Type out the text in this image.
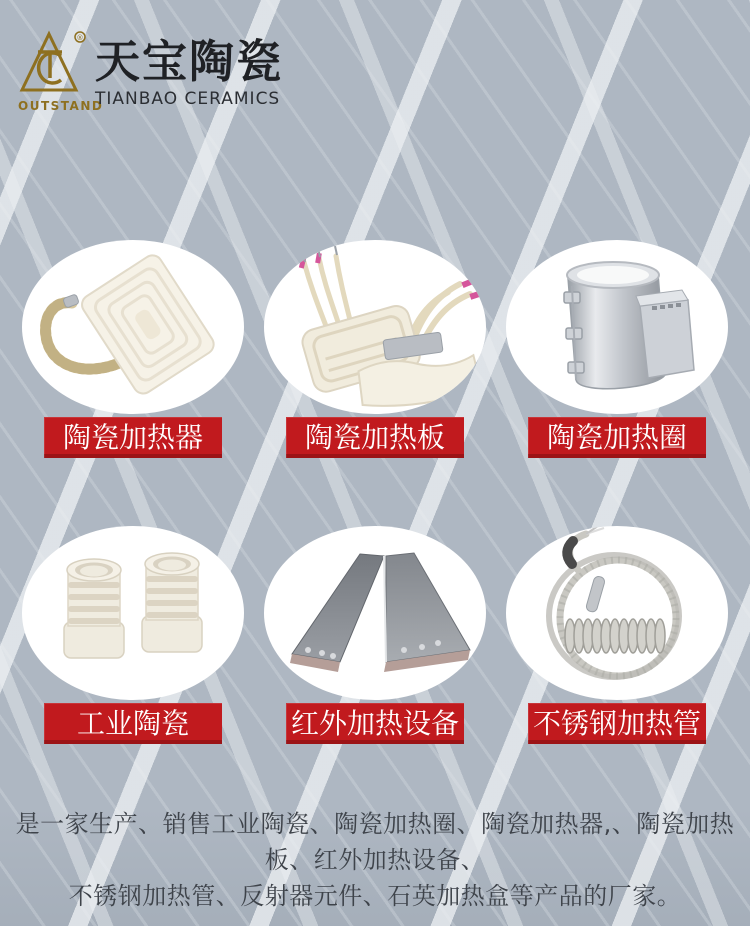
®
OUTSTAND
天宝陶瓷
TIANBAO CERAMICS
陶瓷加热器	陶瓷加热板	陶瓷加热圈
工业陶瓷	红外加热设备	不锈钢加热管
是一家生产、销售工业陶瓷、陶瓷加热圈、陶瓷加热器,、陶瓷加热板、红外加热设备、
不锈钢加热管、反射器元件、石英加热盒等产品的厂家。
